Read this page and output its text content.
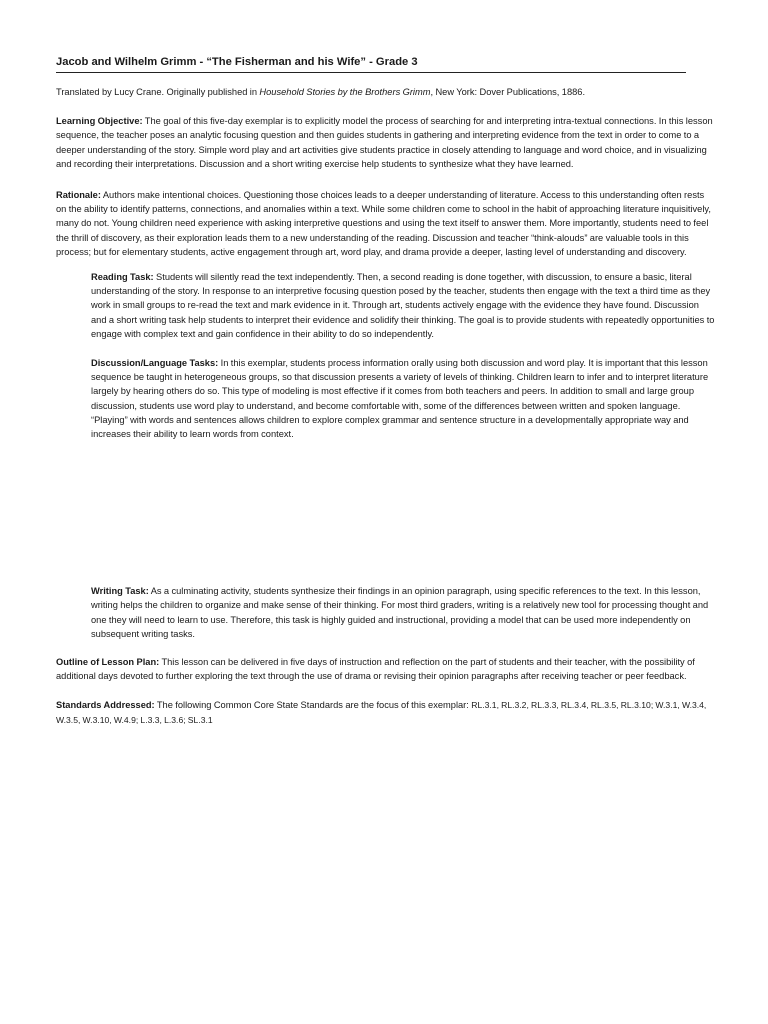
Jacob and Wilhelm Grimm - “The Fisherman and his Wife” - Grade 3

Translated by Lucy Crane. Originally published in Household Stories by the Brothers Grimm, New York: Dover Publications, 1886.

Learning Objective: The goal of this five-day exemplar is to explicitly model the process of searching for and interpreting intra-textual connections. In this lesson sequence, the teacher poses an analytic focusing question and then guides students in gathering and interpreting evidence from the text in order to come to a deeper understanding of the story. Simple word play and art activities give students practice in closely attending to language and word choice, and in visualizing and recording their interpretations. Discussion and a short writing exercise help students to synthesize what they have learned.

Rationale: Authors make intentional choices. Questioning those choices leads to a deeper understanding of literature. Access to this understanding often rests on the ability to identify patterns, connections, and anomalies within a text. While some children come to school in the habit of approaching literature inquisitively, many do not. Young children need experience with asking interpretive questions and using the text itself to answer them. More importantly, students need to feel the thrill of discovery, as their exploration leads them to a new understanding of the reading. Discussion and teacher “think-alouds” are valuable tools in this process; but for elementary students, active engagement through art, word play, and drama provide a deeper, lasting level of understanding and discovery.

Reading Task: Students will silently read the text independently. Then, a second reading is done together, with discussion, to ensure a basic, literal understanding of the story. In response to an interpretive focusing question posed by the teacher, students then engage with the text a third time as they work in small groups to re-read the text and mark evidence in it. Through art, students actively engage with the evidence they have found. Discussion and a short writing task help students to interpret their evidence and solidify their thinking. The goal is to provide students with repeatedly opportunities to engage with complex text and gain confidence in their ability to do so independently.

Discussion/Language Tasks: In this exemplar, students process information orally using both discussion and word play. It is important that this lesson sequence be taught in heterogeneous groups, so that discussion presents a variety of levels of thinking. Children learn to infer and to interpret literature largely by hearing others do so. This type of modeling is most effective if it comes from both teachers and peers. In addition to small and large group discussion, students use word play to understand, and become comfortable with, some of the differences between written and spoken language. “Playing” with words and sentences allows children to explore complex grammar and sentence structure in a developmentally appropriate way and increases their ability to learn words from context.

Writing Task: As a culminating activity, students synthesize their findings in an opinion paragraph, using specific references to the text. In this lesson, writing helps the children to organize and make sense of their thinking. For most third graders, writing is a relatively new tool for processing thought and one they will need to learn to use. Therefore, this task is highly guided and instructional, providing a model that can be used more independently on subsequent writing tasks.

Outline of Lesson Plan: This lesson can be delivered in five days of instruction and reflection on the part of students and their teacher, with the possibility of additional days devoted to further exploring the text through the use of drama or revising their opinion paragraphs after receiving teacher or peer feedback.

Standards Addressed: The following Common Core State Standards are the focus of this exemplar: RL.3.1, RL.3.2, RL.3.3, RL.3.4, RL.3.5, RL.3.10; W.3.1, W.3.4, W.3.5, W.3.10, W.4.9; L.3.3, L.3.6; SL.3.1
